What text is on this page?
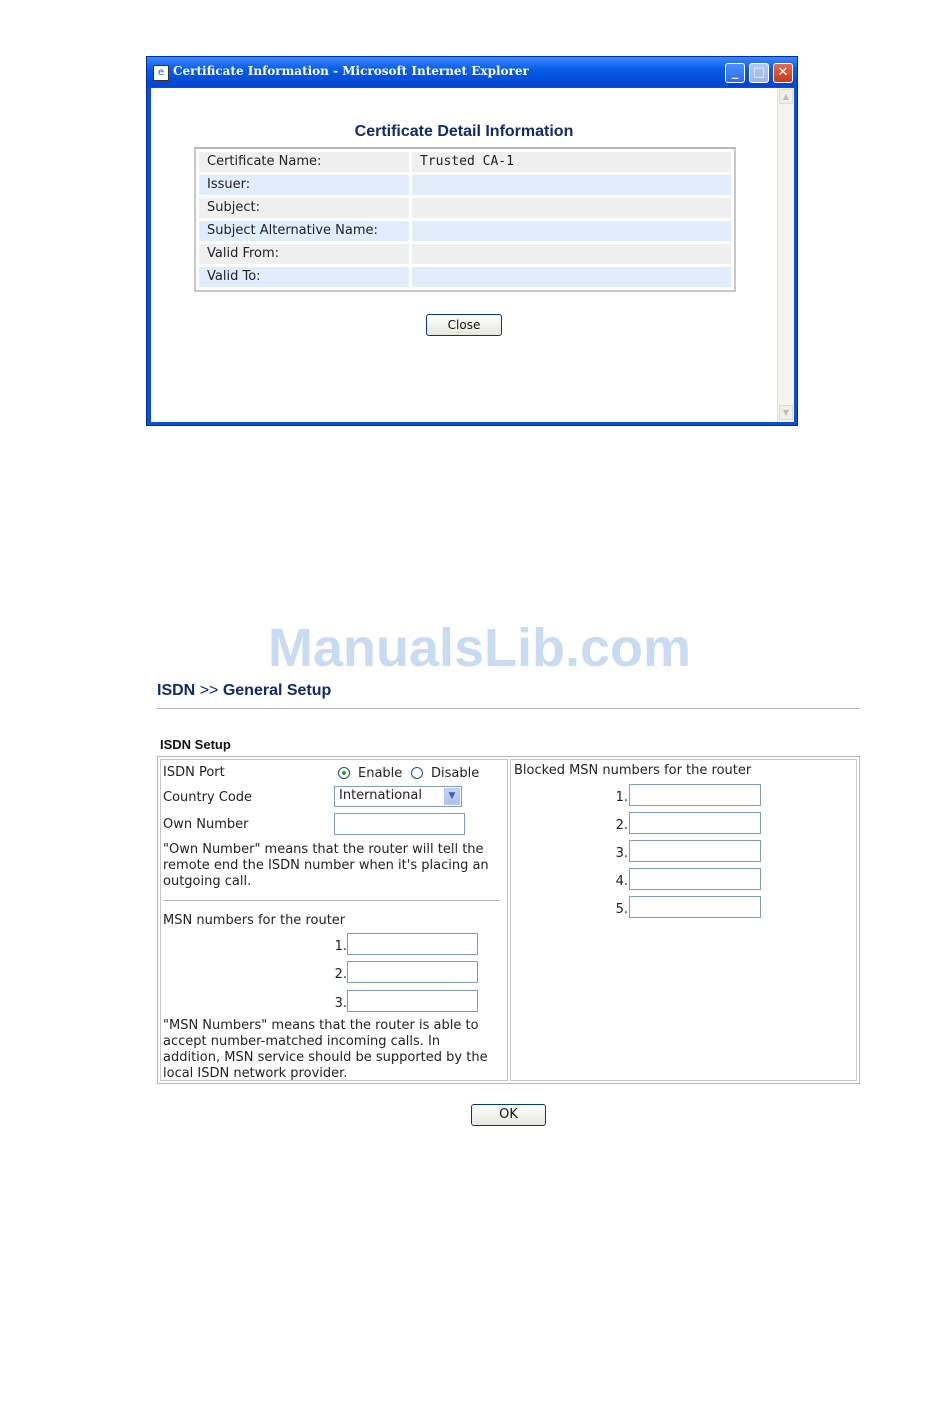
e Certificate Information - Microsoft Internet Explorer	_	□ ✕
Certificate Detail Information
Certificate Name:	Trusted CA-1
Issuer:
Subject:
Subject Alternative Name:
Valid From:
Valid To:
Close
▲
▼
ManualsLib.com
ISDN >> General Setup
ISDN Setup
ISDN Port	Enable Disable
Country Code	International	▼
Own Number
"Own Number" means that the router will tell the remote end the ISDN number when it's placing an outgoing call.
MSN numbers for the router
1.
2.
3.
"MSN Numbers" means that the router is able to accept number-matched incoming calls. In addition, MSN service should be supported by the local ISDN network provider.
Blocked MSN numbers for the router
1.
2.
3.
4.
5.
OK
